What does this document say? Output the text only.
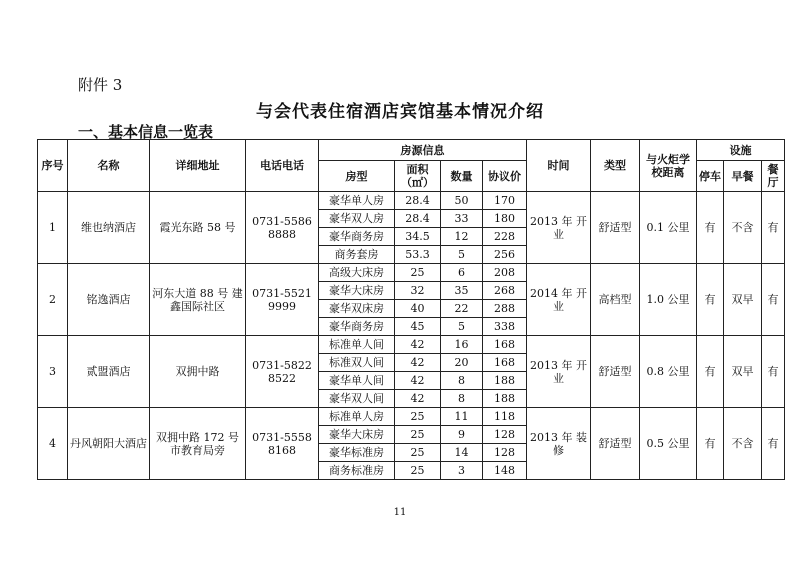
附件 3
与会代表住宿酒店宾馆基本情况介绍
一、基本信息一览表
序号	名称	详细地址	电话电话	房源信息				时间	类型	与火炬学校距离	设施		
				房型	面积（㎡）	数量	协议价				停车	早餐	餐厅
1	维也纳酒店	霞光东路 58 号	0731-5586 8888	豪华单人房	28.4	50	170	2013 年 开业	舒适型	0.1 公里	有	不含	有
				豪华双人房	28.4	33	180						
				豪华商务房	34.5	12	228						
				商务套房	53.3	5	256						
2	铭逸酒店	河东大道 88 号 建鑫国际社区	0731-5521 9999	高级大床房	25	6	208	2014 年 开业	高档型	1.0 公里	有	双早	有
				豪华大床房	32	35	268						
				豪华双床房	40	22	288						
				豪华商务房	45	5	338						
3	贰盟酒店	双拥中路	0731-5822 8522	标准单人间	42	16	168	2013 年 开业	舒适型	0.8 公里	有	双早	有
				标准双人间	42	20	168						
				豪华单人间	42	8	188						
				豪华双人间	42	8	188						
4	丹风朝阳大酒店	双拥中路 172 号 市教育局旁	0731-5558 8168	标准单人房	25	11	118	2013 年 装修	舒适型	0.5 公里	有	不含	有
				豪华大床房	25	9	128						
				豪华标准房	25	14	128						
				商务标准房	25	3	148						
11
